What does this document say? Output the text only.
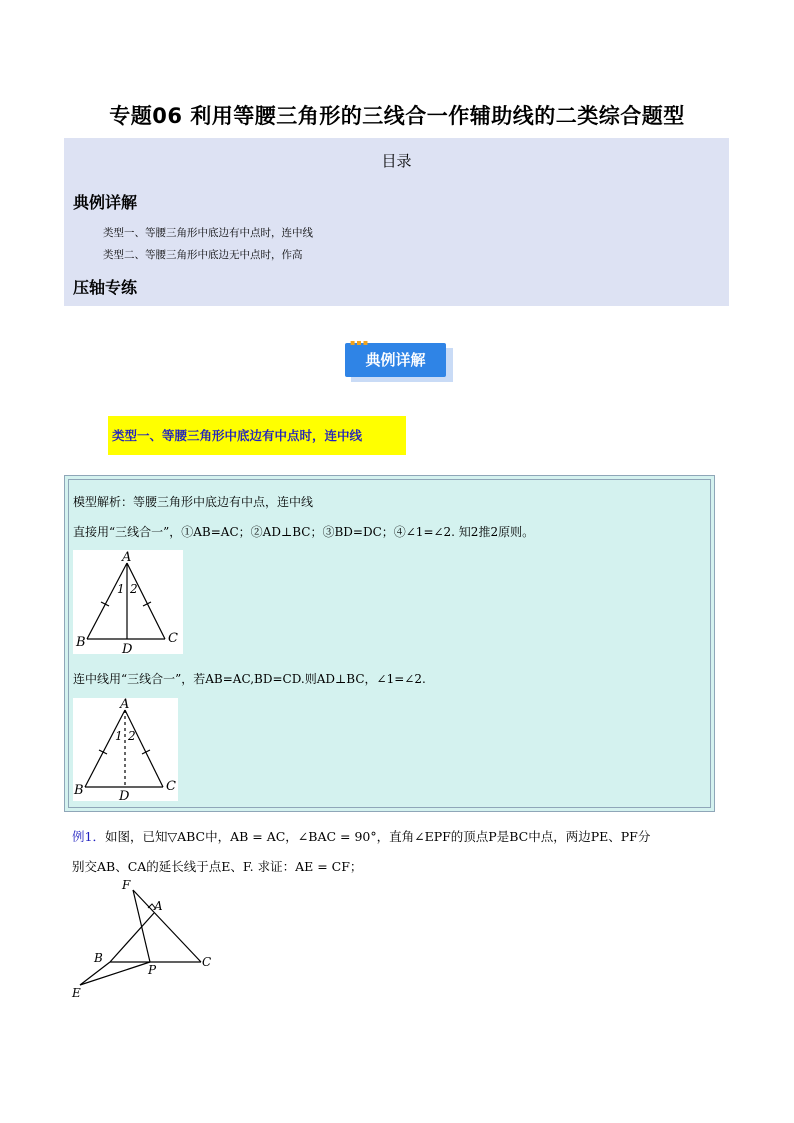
专题06 利用等腰三角形的三线合一作辅助线的二类综合题型
目录
典例详解
类型一、等腰三角形中底边有中点时，连中线
类型二、等腰三角形中底边无中点时，作高
压轴专练
典例详解
▪▪▪
类型一、等腰三角形中底边有中点时，连中线
模型解析：等腰三角形中底边有中点，连中线
直接用“三线合一”，①AB=AC；②AD⊥BC；③BD=DC；④∠1=∠2. 知2推2原则。
A
B	C
D
1 2
连中线用“三线合一”，若AB=AC,BD=CD.则AD⊥BC，∠1=∠2.
A
B	C
D
1 2
例1．如图，已知▽ABC中，AB = AC，∠BAC = 90°，直角∠EPF的顶点P是BC中点，两边PE、PF分
别交AB、CA的延长线于点E、F. 求证：AE = CF；
F
A
B
P
C
E
